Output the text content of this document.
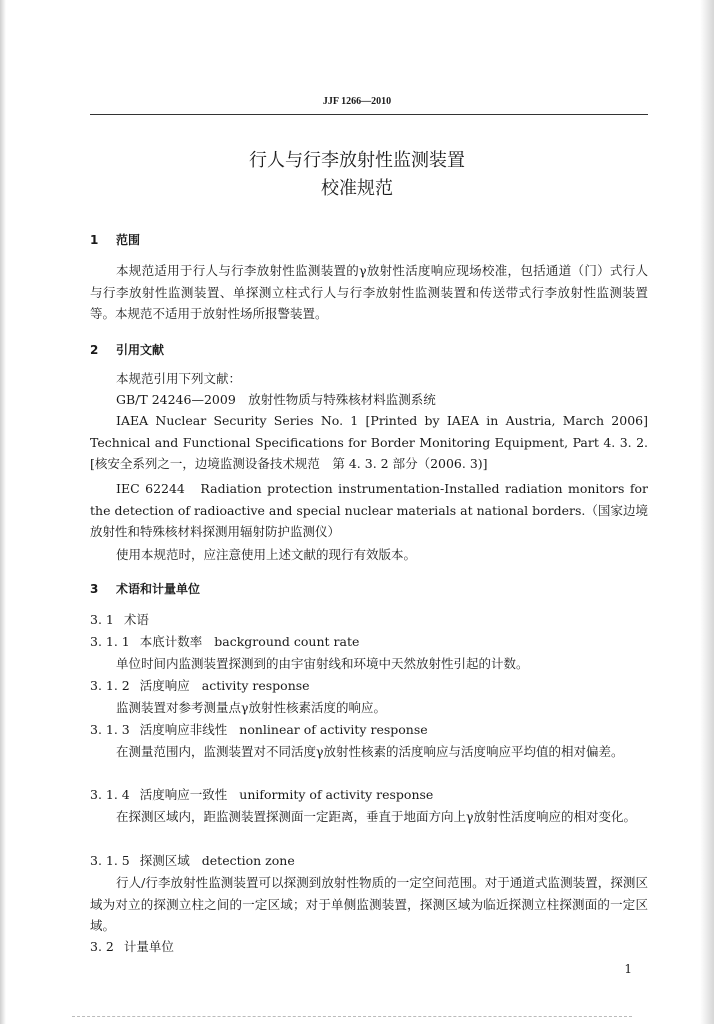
JJF 1266—2010
行人与行李放射性监测装置
校准规范
1 范围
本规范适用于行人与行李放射性监测装置的γ放射性活度响应现场校准，包括通道（门）式行人与行李放射性监测装置、单探测立柱式行人与行李放射性监测装置和传送带式行李放射性监测装置等。本规范不适用于放射性场所报警装置。
2 引用文献
本规范引用下列文献：
GB/T 24246—2009　放射性物质与特殊核材料监测系统
IAEA Nuclear Security Series No. 1 [Printed by IAEA in Austria, March 2006] Technical and Functional Specifications for Border Monitoring Equipment, Part 4. 3. 2. [核安全系列之一，边境监测设备技术规范　第 4. 3. 2 部分（2006. 3)]
IEC 62244　Radiation protection instrumentation-Installed radiation monitors for the detection of radioactive and special nuclear materials at national borders.（国家边境放射性和特殊核材料探测用辐射防护监测仪）
使用本规范时，应注意使用上述文献的现行有效版本。
3 术语和计量单位
3. 1 术语
3. 1. 1 本底计数率 background count rate
单位时间内监测装置探测到的由宇宙射线和环境中天然放射性引起的计数。
3. 1. 2 活度响应 activity response
监测装置对参考测量点γ放射性核素活度的响应。
3. 1. 3 活度响应非线性 nonlinear of activity response
在测量范围内，监测装置对不同活度γ放射性核素的活度响应与活度响应平均值的相对偏差。
3. 1. 4 活度响应一致性 uniformity of activity response
在探测区域内，距监测装置探测面一定距离，垂直于地面方向上γ放射性活度响应的相对变化。
3. 1. 5 探测区域 detection zone
行人/行李放射性监测装置可以探测到放射性物质的一定空间范围。对于通道式监测装置，探测区域为对立的探测立柱之间的一定区域；对于单侧监测装置，探测区域为临近探测立柱探测面的一定区域。
3. 2 计量单位
1
